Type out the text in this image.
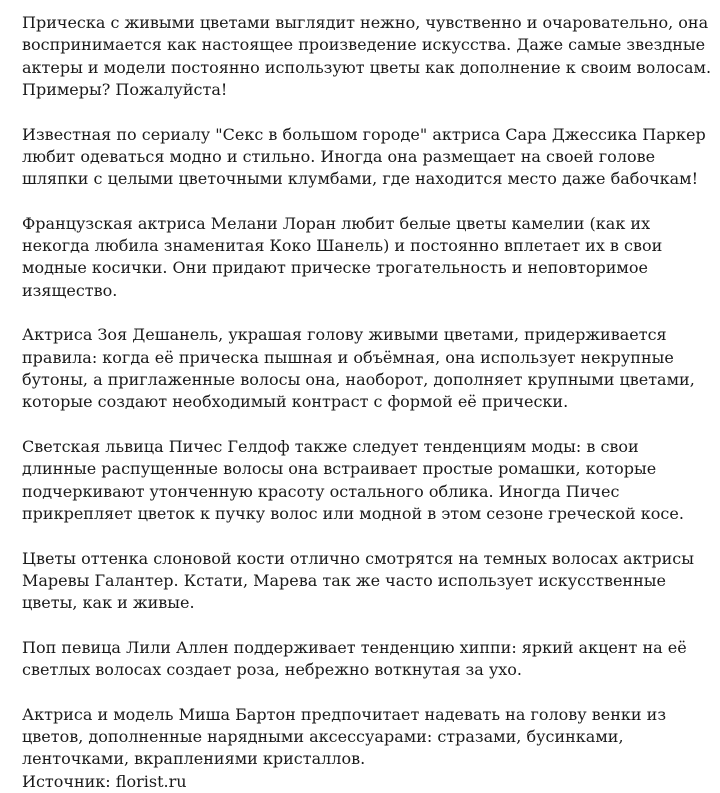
Прическа с живыми цветами выглядит нежно, чувственно и очаровательно, она воспринимается как настоящее произведение искусства. Даже самые звездные актеры и модели постоянно используют цветы как дополнение к своим волосам. Примеры? Пожалуйста!

Известная по сериалу "Секс в большом городе" актриса Сара Джессика Паркер любит одеваться модно и стильно. Иногда она размещает на своей голове шляпки с целыми цветочными клумбами, где находится место даже бабочкам!

Французская актриса Мелани Лоран любит белые цветы камелии (как их некогда любила знаменитая Коко Шанель) и постоянно вплетает их в свои модные косички. Они придают прическе трогательность и неповторимое изящество.

Актриса Зоя Дешанель, украшая голову живыми цветами, придерживается правила: когда её прическа пышная и объёмная, она использует некрупные бутоны, а приглаженные волосы она, наоборот, дополняет крупными цветами, которые создают необходимый контраст с формой её прически.

Светская львица Пичес Гелдоф также следует тенденциям моды: в свои длинные распущенные волосы она встраивает простые ромашки, которые подчеркивают утонченную красоту остального облика. Иногда Пичес прикрепляет цветок к пучку волос или модной в этом сезоне греческой косе.

Цветы оттенка слоновой кости отлично смотрятся на темных волосах актрисы Маревы Галантер. Кстати, Марева так же часто использует искусственные цветы, как и живые.

Поп певица Лили Аллен поддерживает тенденцию хиппи: яркий акцент на её светлых волосах создает роза, небрежно воткнутая за ухо.

Актриса и модель Миша Бартон предпочитает надевать на голову венки из цветов, дополненные нарядными аксессуарами: стразами, бусинками, ленточками, вкраплениями кристаллов.

Источник: florist.ru
